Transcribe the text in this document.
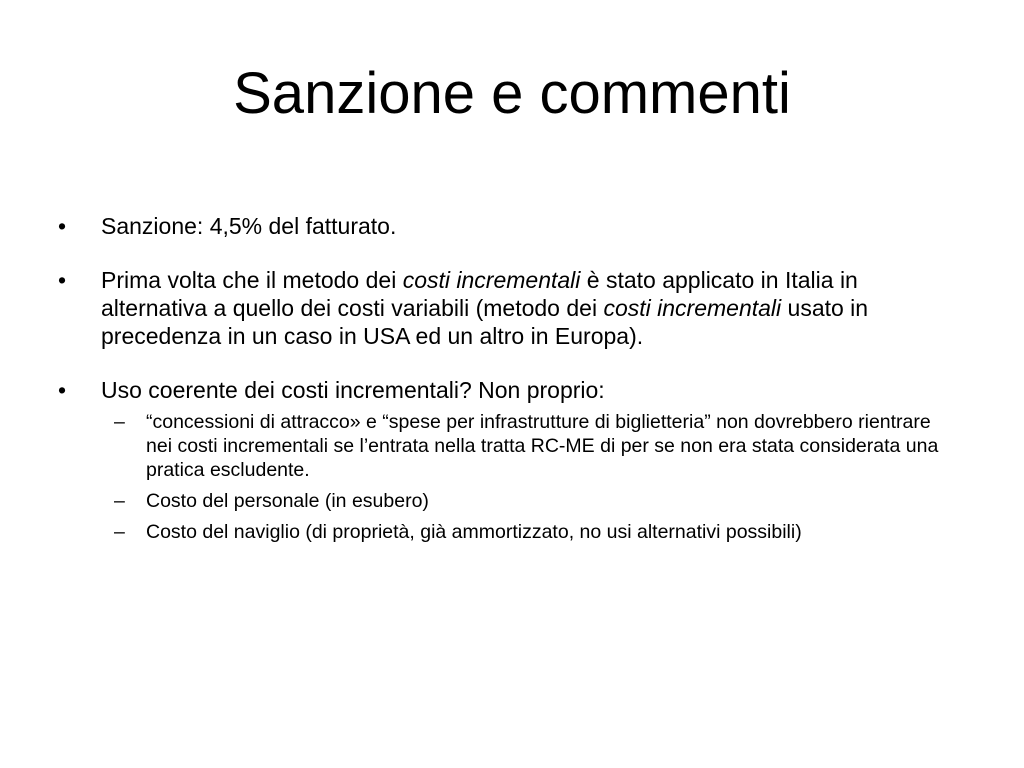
Sanzione e commenti
• Sanzione: 4,5% del fatturato.
• Prima volta che il metodo dei costi incrementali è stato applicato in Italia in alternativa a quello dei costi variabili (metodo dei costi incrementali usato in precedenza in un caso in USA ed un altro in Europa).
• Uso coerente dei costi incrementali? Non proprio:
– “concessioni di attracco» e “spese per infrastrutture di biglietteria” non dovrebbero rientrare nei costi incrementali se l’entrata nella tratta RC-ME di per se non era stata considerata una pratica escludente.
– Costo del personale (in esubero)
– Costo del naviglio (di proprietà, già ammortizzato, no usi alternativi possibili)
